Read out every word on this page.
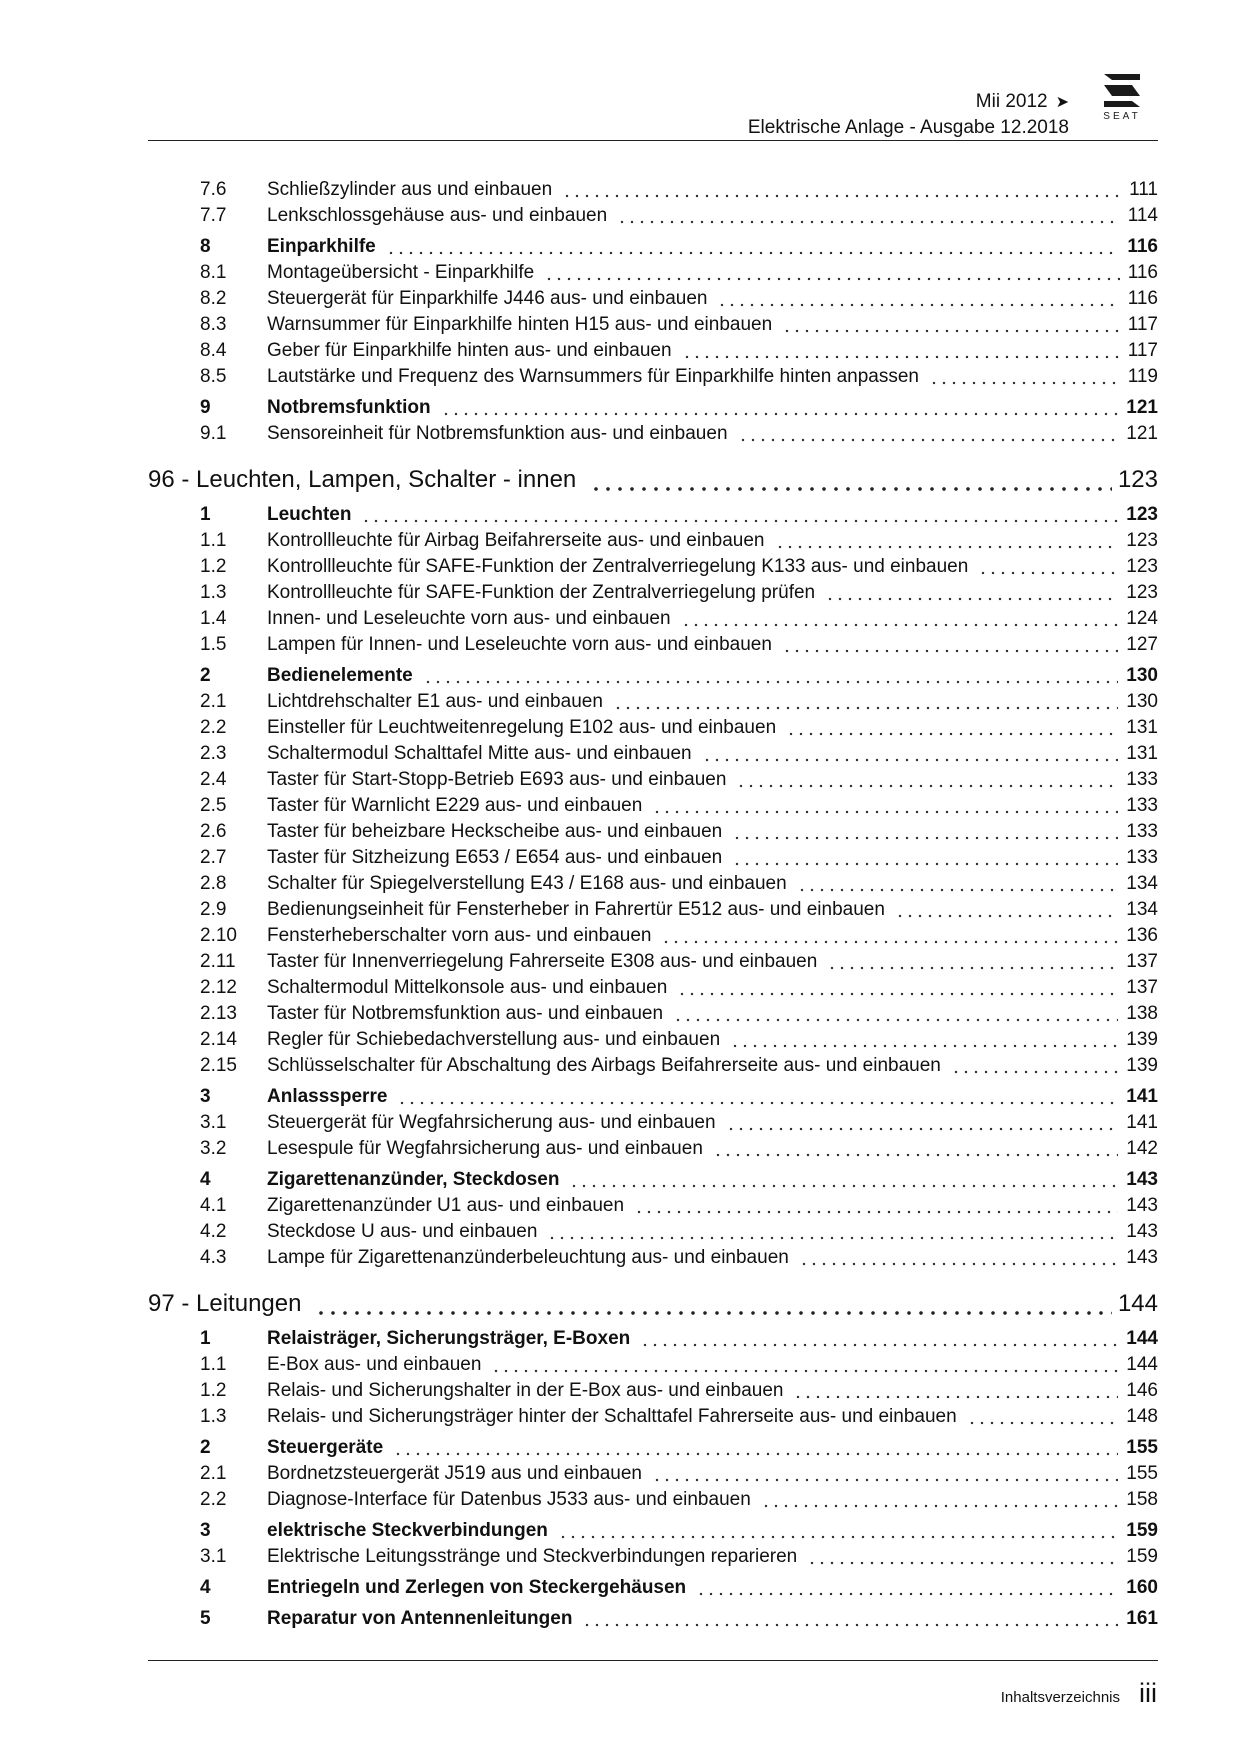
Mii 2012 ➤
Elektrische Anlage - Ausgabe 12.2018
SEAT
7.6 Schließzylinder aus und einbauen	111
7.7 Lenkschlossgehäuse aus- und einbauen	114
8	Einparkhilfe	116
8.1 Montageübersicht - Einparkhilfe	116
8.2 Steuergerät für Einparkhilfe J446 aus- und einbauen	116
8.3 Warnsummer für Einparkhilfe hinten H15 aus- und einbauen	117
8.4 Geber für Einparkhilfe hinten aus- und einbauen	117
8.5 Lautstärke und Frequenz des Warnsummers für Einparkhilfe hinten anpassen	119
9	Notbremsfunktion	121
9.1 Sensoreinheit für Notbremsfunktion aus- und einbauen	121
96 - Leuchten, Lampen, Schalter - innen	123
1	Leuchten	123
1.1 Kontrollleuchte für Airbag Beifahrerseite aus- und einbauen	123
1.2 Kontrollleuchte für SAFE-Funktion der Zentralverriegelung K133 aus- und einbauen	123
1.3 Kontrollleuchte für SAFE-Funktion der Zentralverriegelung prüfen	123
1.4 Innen- und Leseleuchte vorn aus- und einbauen	124
1.5 Lampen für Innen- und Leseleuchte vorn aus- und einbauen	127
2	Bedienelemente	130
2.1 Lichtdrehschalter E1 aus- und einbauen	130
2.2 Einsteller für Leuchtweitenregelung E102 aus- und einbauen	131
2.3 Schaltermodul Schalttafel Mitte aus- und einbauen	131
2.4 Taster für Start-Stopp-Betrieb E693 aus- und einbauen	133
2.5 Taster für Warnlicht E229 aus- und einbauen	133
2.6 Taster für beheizbare Heckscheibe aus- und einbauen	133
2.7 Taster für Sitzheizung E653 / E654 aus- und einbauen	133
2.8 Schalter für Spiegelverstellung E43 / E168 aus- und einbauen	134
2.9 Bedienungseinheit für Fensterheber in Fahrertür E512 aus- und einbauen	134
2.10 Fensterheberschalter vorn aus- und einbauen	136
2.11 Taster für Innenverriegelung Fahrerseite E308 aus- und einbauen	137
2.12 Schaltermodul Mittelkonsole aus- und einbauen	137
2.13 Taster für Notbremsfunktion aus- und einbauen	138
2.14 Regler für Schiebedachverstellung aus- und einbauen	139
2.15 Schlüsselschalter für Abschaltung des Airbags Beifahrerseite aus- und einbauen	139
3	Anlasssperre	141
3.1 Steuergerät für Wegfahrsicherung aus- und einbauen	141
3.2 Lesespule für Wegfahrsicherung aus- und einbauen	142
4	Zigarettenanzünder, Steckdosen	143
4.1 Zigarettenanzünder U1 aus- und einbauen	143
4.2 Steckdose U aus- und einbauen	143
4.3 Lampe für Zigarettenanzünderbeleuchtung aus- und einbauen	143
97 - Leitungen	144
1	Relaisträger, Sicherungsträger, E-Boxen	144
1.1 E-Box aus- und einbauen	144
1.2 Relais- und Sicherungshalter in der E-Box aus- und einbauen	146
1.3 Relais- und Sicherungsträger hinter der Schalttafel Fahrerseite aus- und einbauen	148
2	Steuergeräte	155
2.1 Bordnetzsteuergerät J519 aus und einbauen	155
2.2 Diagnose-Interface für Datenbus J533 aus- und einbauen	158
3	elektrische Steckverbindungen	159
3.1 Elektrische Leitungsstränge und Steckverbindungen reparieren	159
4	Entriegeln und Zerlegen von Steckergehäusen	160
5	Reparatur von Antennenleitungen	161
Inhaltsverzeichnis iii
